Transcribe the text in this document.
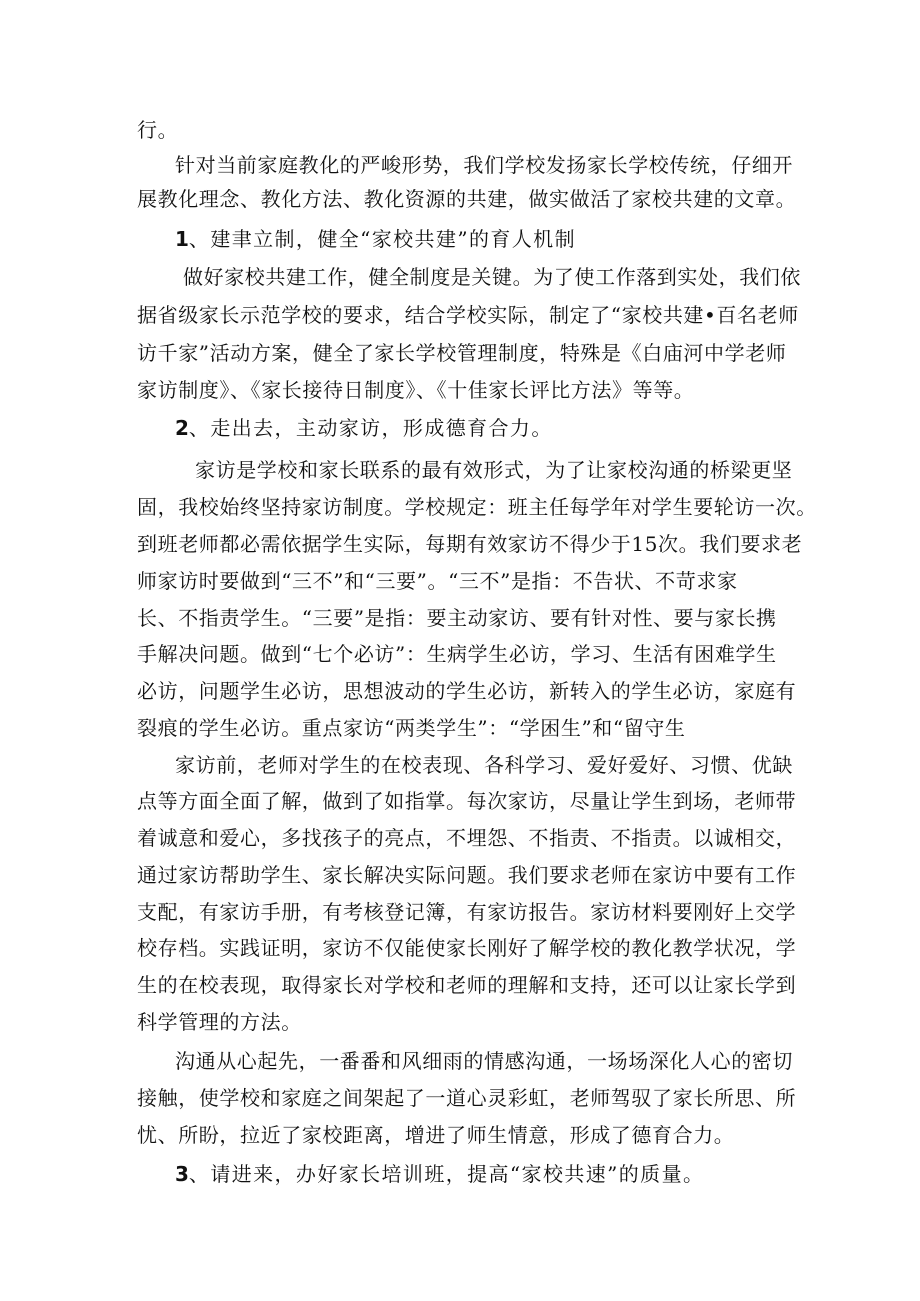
行。
针对当前家庭教化的严峻形势，我们学校发扬家长学校传统，仔细开
展教化理念、教化方法、教化资源的共建，做实做活了家校共建的文章。
1、建聿立制，健全“家校共建”的育人机制
做好家校共建工作，健全制度是关键。为了使工作落到实处，我们依
据省级家长示范学校的要求，结合学校实际，制定了“家校共建•百名老师
访千家”活动方案，健全了家长学校管理制度，特殊是《白庙河中学老师
家访制度》、《家长接待日制度》、《十佳家长评比方法》等等。
2、走出去，主动家访，形成德育合力。
家访是学校和家长联系的最有效形式，为了让家校沟通的桥梁更坚
固，我校始终坚持家访制度。学校规定：班主任每学年对学生要轮访一次。
到班老师都必需依据学生实际，每期有效家访不得少于15次。我们要求老
师家访时要做到“三不”和“三要”。“三不”是指：不告状、不苛求家
长、不指责学生。“三要”是指：要主动家访、要有针对性、要与家长携
手解决问题。做到“七个必访”：生病学生必访，学习、生活有困难学生
必访，问题学生必访，思想波动的学生必访，新转入的学生必访，家庭有
裂痕的学生必访。重点家访“两类学生”：“学困生”和“留守生
家访前，老师对学生的在校表现、各科学习、爱好爱好、习惯、优缺
点等方面全面了解，做到了如指掌。每次家访，尽量让学生到场，老师带
着诚意和爱心，多找孩子的亮点，不埋怨、不指责、不指责。以诚相交，
通过家访帮助学生、家长解决实际问题。我们要求老师在家访中要有工作
支配，有家访手册，有考核登记簿，有家访报告。家访材料要刚好上交学
校存档。实践证明，家访不仅能使家长刚好了解学校的教化教学状况，学
生的在校表现，取得家长对学校和老师的理解和支持，还可以让家长学到
科学管理的方法。
沟通从心起先，一番番和风细雨的情感沟通，一场场深化人心的密切
接触，使学校和家庭之间架起了一道心灵彩虹，老师驾驭了家长所思、所
忧、所盼，拉近了家校距离，增进了师生情意，形成了德育合力。
3、请进来，办好家长培训班，提高“家校共速”的质量。
